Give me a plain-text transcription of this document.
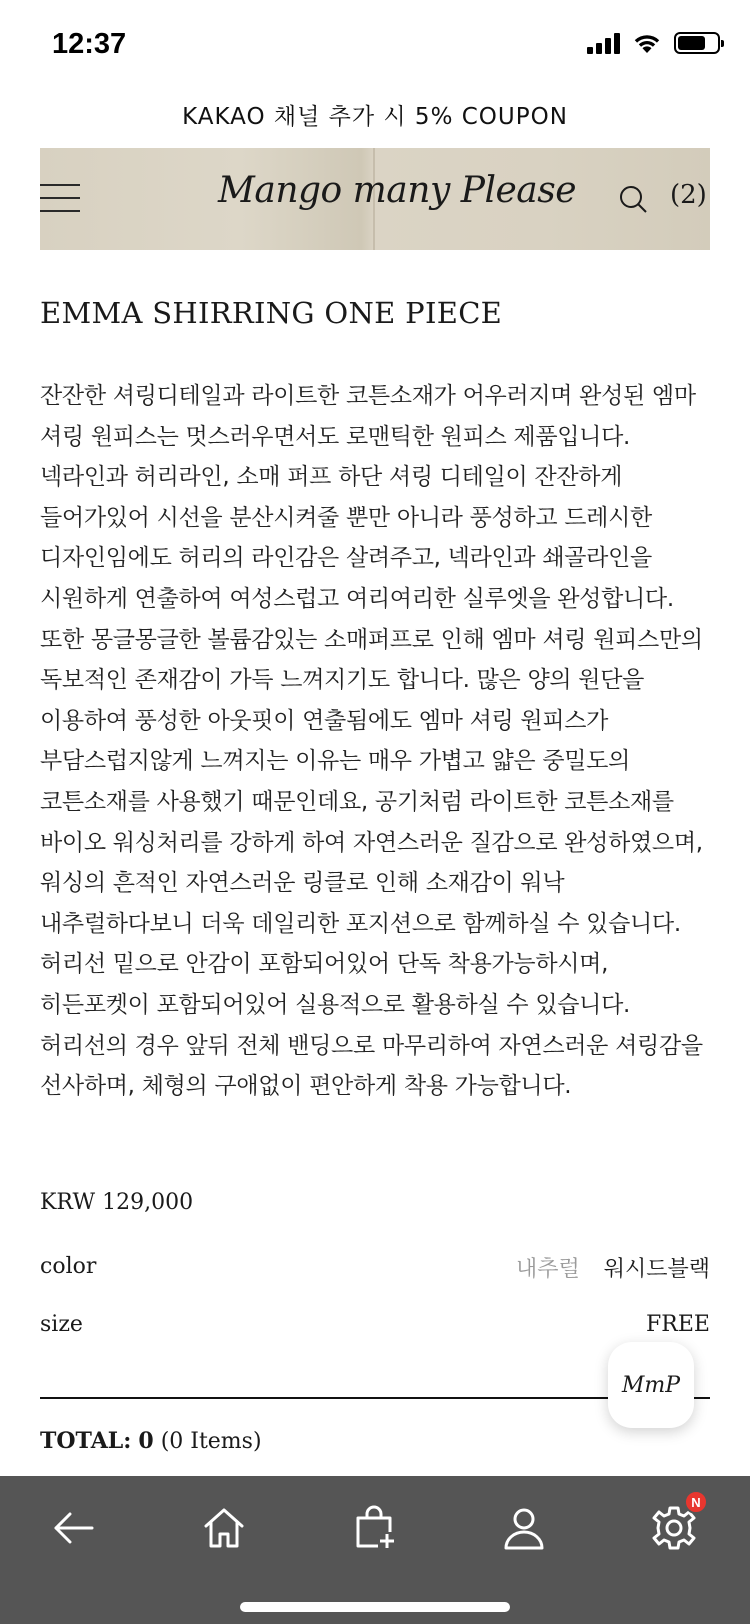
12:37
KAKAO 채널 추가 시 5% COUPON
Mango many Please	(2)
EMMA SHIRRING ONE PIECE
잔잔한 셔링디테일과 라이트한 코튼소재가 어우러지며 완성된 엠마 셔링 원피스는 멋스러우면서도 로맨틱한 원피스 제품입니다. 넥라인과 허리라인, 소매 퍼프 하단 셔링 디테일이 잔잔하게 들어가있어 시선을 분산시켜줄 뿐만 아니라 풍성하고 드레시한 디자인임에도 허리의 라인감은 살려주고, 넥라인과 쇄골라인을 시원하게 연출하여 여성스럽고 여리여리한 실루엣을 완성합니다. 또한 몽글몽글한 볼륨감있는 소매퍼프로 인해 엠마 셔링 원피스만의 독보적인 존재감이 가득 느껴지기도 합니다. 많은 양의 원단을 이용하여 풍성한 아웃핏이 연출됨에도 엠마 셔링 원피스가 부담스럽지않게 느껴지는 이유는 매우 가볍고 얇은 중밀도의 코튼소재를 사용했기 때문인데요, 공기처럼 라이트한 코튼소재를 바이오 워싱처리를 강하게 하여 자연스러운 질감으로 완성하였으며, 워싱의 흔적인 자연스러운 링클로 인해 소재감이 워낙 내추럴하다보니 더욱 데일리한 포지션으로 함께하실 수 있습니다. 허리선 밑으로 안감이 포함되어있어 단독 착용가능하시며, 히든포켓이 포함되어있어 실용적으로 활용하실 수 있습니다. 허리선의 경우 앞뒤 전체 밴딩으로 마무리하여 자연스러운 셔링감을 선사하며, 체형의 구애없이 편안하게 착용 가능합니다.
KRW 129,000
color	내추럴 워시드블랙
size	FREE
TOTAL: 0 (0 Items)
MmP
N
